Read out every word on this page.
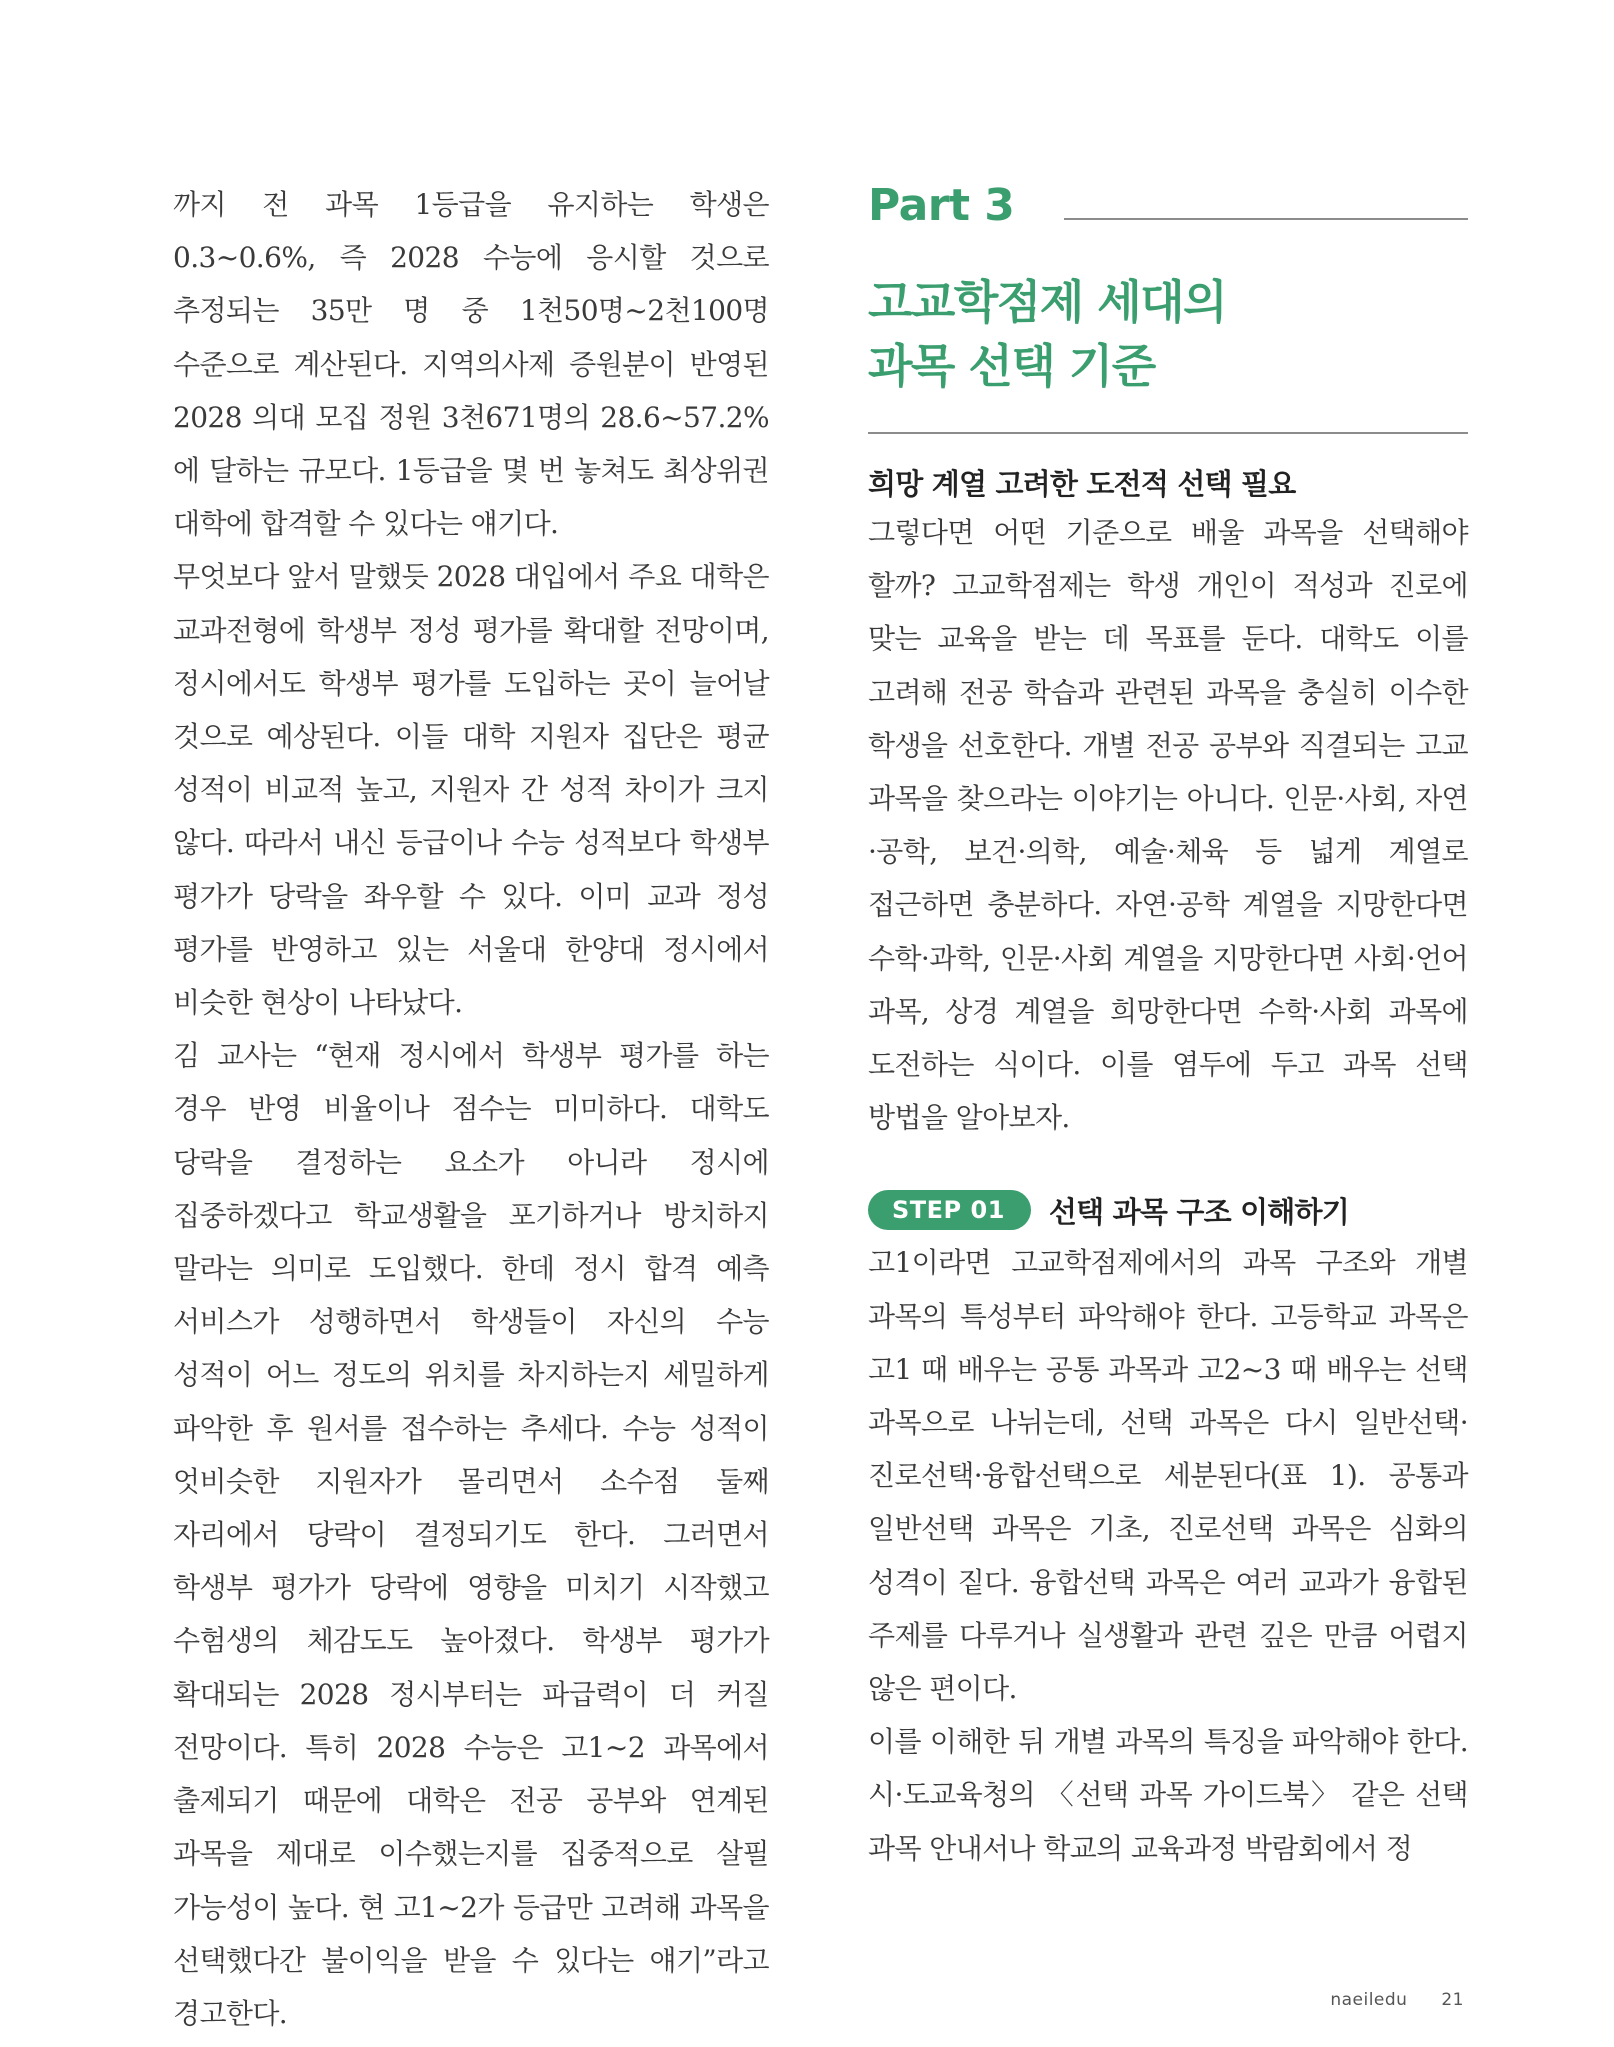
까지 전 과목 1등급을 유지하는 학생은 0.3~0.6%, 즉 2028 수능에 응시할 것으로 추정되는 35만 명 중 1천50명~2천100명 수준으로 계산된다. 지역의사제 증원분이 반영된 2028 의대 모집 정원 3천671명의 28.6~57.2%에 달하는 규모다. 1등급을 몇 번 놓쳐도 최상위권 대학에 합격할 수 있다는 얘기다.

무엇보다 앞서 말했듯 2028 대입에서 주요 대학은 교과전형에 학생부 정성 평가를 확대할 전망이며, 정시에서도 학생부 평가를 도입하는 곳이 늘어날 것으로 예상된다. 이들 대학 지원자 집단은 평균 성적이 비교적 높고, 지원자 간 성적 차이가 크지 않다. 따라서 내신 등급이나 수능 성적보다 학생부 평가가 당락을 좌우할 수 있다. 이미 교과 정성 평가를 반영하고 있는 서울대 한양대 정시에서 비슷한 현상이 나타났다.

김 교사는 “현재 정시에서 학생부 평가를 하는 경우 반영 비율이나 점수는 미미하다. 대학도 당락을 결정하는 요소가 아니라 정시에 집중하겠다고 학교생활을 포기하거나 방치하지 말라는 의미로 도입했다. 한데 정시 합격 예측 서비스가 성행하면서 학생들이 자신의 수능 성적이 어느 정도의 위치를 차지하는지 세밀하게 파악한 후 원서를 접수하는 추세다. 수능 성적이 엇비슷한 지원자가 몰리면서 소수점 둘째 자리에서 당락이 결정되기도 한다. 그러면서 학생부 평가가 당락에 영향을 미치기 시작했고 수험생의 체감도도 높아졌다. 학생부 평가가 확대되는 2028 정시부터는 파급력이 더 커질 전망이다. 특히 2028 수능은 고1~2 과목에서 출제되기 때문에 대학은 전공 공부와 연계된 과목을 제대로 이수했는지를 집중적으로 살필 가능성이 높다. 현 고1~2가 등급만 고려해 과목을 선택했다간 불이익을 받을 수 있다는 얘기”라고 경고한다.

Part 3
고교학점제 세대의
과목 선택 기준
희망 계열 고려한 도전적 선택 필요

그렇다면 어떤 기준으로 배울 과목을 선택해야 할까? 고교학점제는 학생 개인이 적성과 진로에 맞는 교육을 받는 데 목표를 둔다. 대학도 이를 고려해 전공 학습과 관련된 과목을 충실히 이수한 학생을 선호한다. 개별 전공 공부와 직결되는 고교 과목을 찾으라는 이야기는 아니다. 인문·사회, 자연·공학, 보건·의학, 예술·체육 등 넓게 계열로 접근하면 충분하다. 자연·공학 계열을 지망한다면 수학·과학, 인문·사회 계열을 지망한다면 사회·언어 과목, 상경 계열을 희망한다면 수학·사회 과목에 도전하는 식이다. 이를 염두에 두고 과목 선택 방법을 알아보자.

STEP 01	선택 과목 구조 이해하기

고1이라면 고교학점제에서의 과목 구조와 개별 과목의 특성부터 파악해야 한다. 고등학교 과목은 고1 때 배우는 공통 과목과 고2~3 때 배우는 선택 과목으로 나뉘는데, 선택 과목은 다시 일반선택·진로선택·융합선택으로 세분된다(표 1). 공통과 일반선택 과목은 기초, 진로선택 과목은 심화의 성격이 짙다. 융합선택 과목은 여러 교과가 융합된 주제를 다루거나 실생활과 관련 깊은 만큼 어렵지 않은 편이다.

이를 이해한 뒤 개별 과목의 특징을 파악해야 한다. 시·도교육청의 〈선택 과목 가이드북〉 같은 선택 과목 안내서나 학교의 교육과정 박람회에서 정

naeiledu 21
